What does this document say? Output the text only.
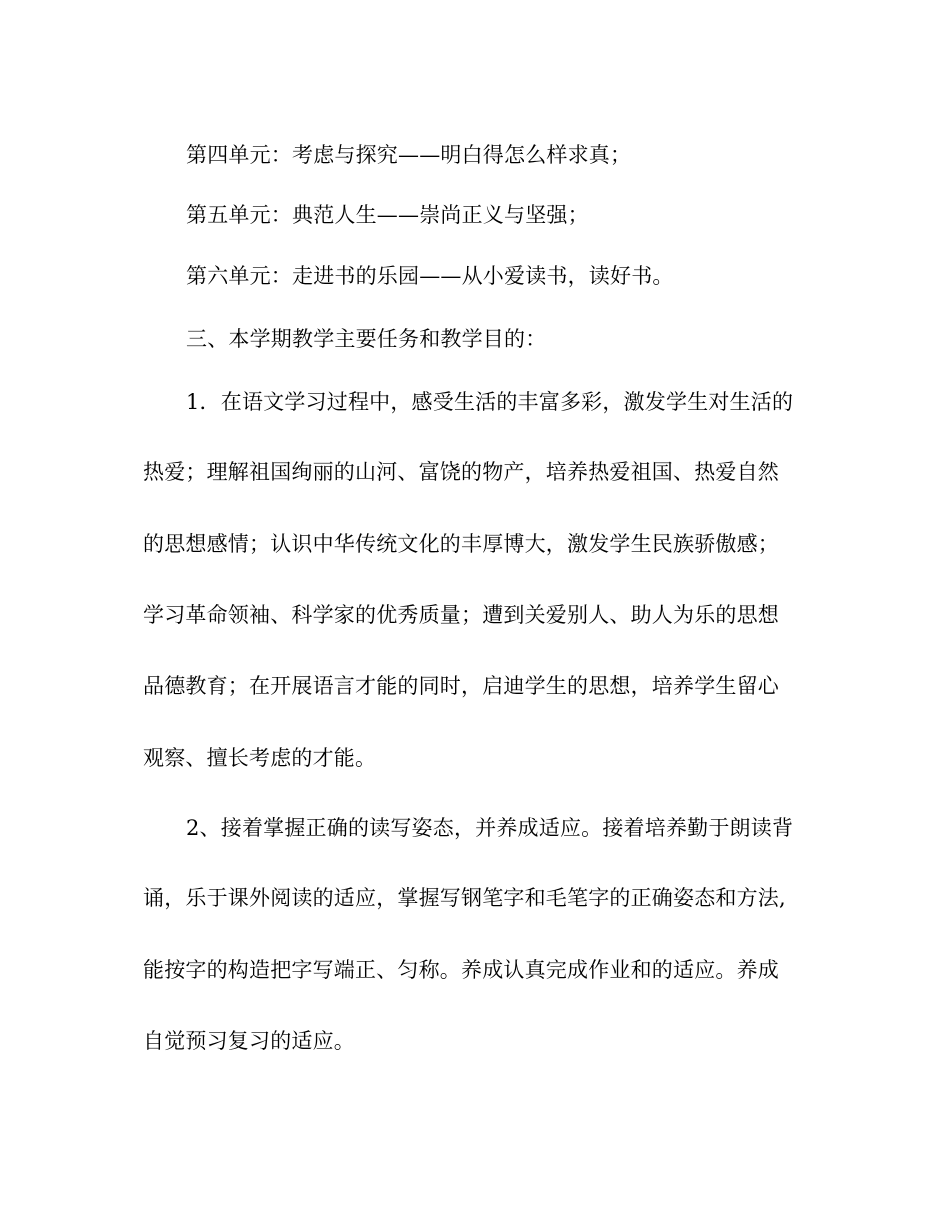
第四单元：考虑与探究——明白得怎么样求真；
第五单元：典范人生——崇尚正义与坚强；
第六单元：走进书的乐园——从小爱读书，读好书。
三、本学期教学主要任务和教学目的：
1．在语文学习过程中，感受生活的丰富多彩，激发学生对生活的
热爱；理解祖国绚丽的山河、富饶的物产，培养热爱祖国、热爱自然
的思想感情；认识中华传统文化的丰厚博大，激发学生民族骄傲感；
学习革命领袖、科学家的优秀质量；遭到关爱别人、助人为乐的思想
品德教育；在开展语言才能的同时，启迪学生的思想，培养学生留心
观察、擅长考虑的才能。
2、接着掌握正确的读写姿态，并养成适应。接着培养勤于朗读背
诵，乐于课外阅读的适应，掌握写钢笔字和毛笔字的正确姿态和方法,
能按字的构造把字写端正、匀称。养成认真完成作业和的适应。养成
自觉预习复习的适应。
